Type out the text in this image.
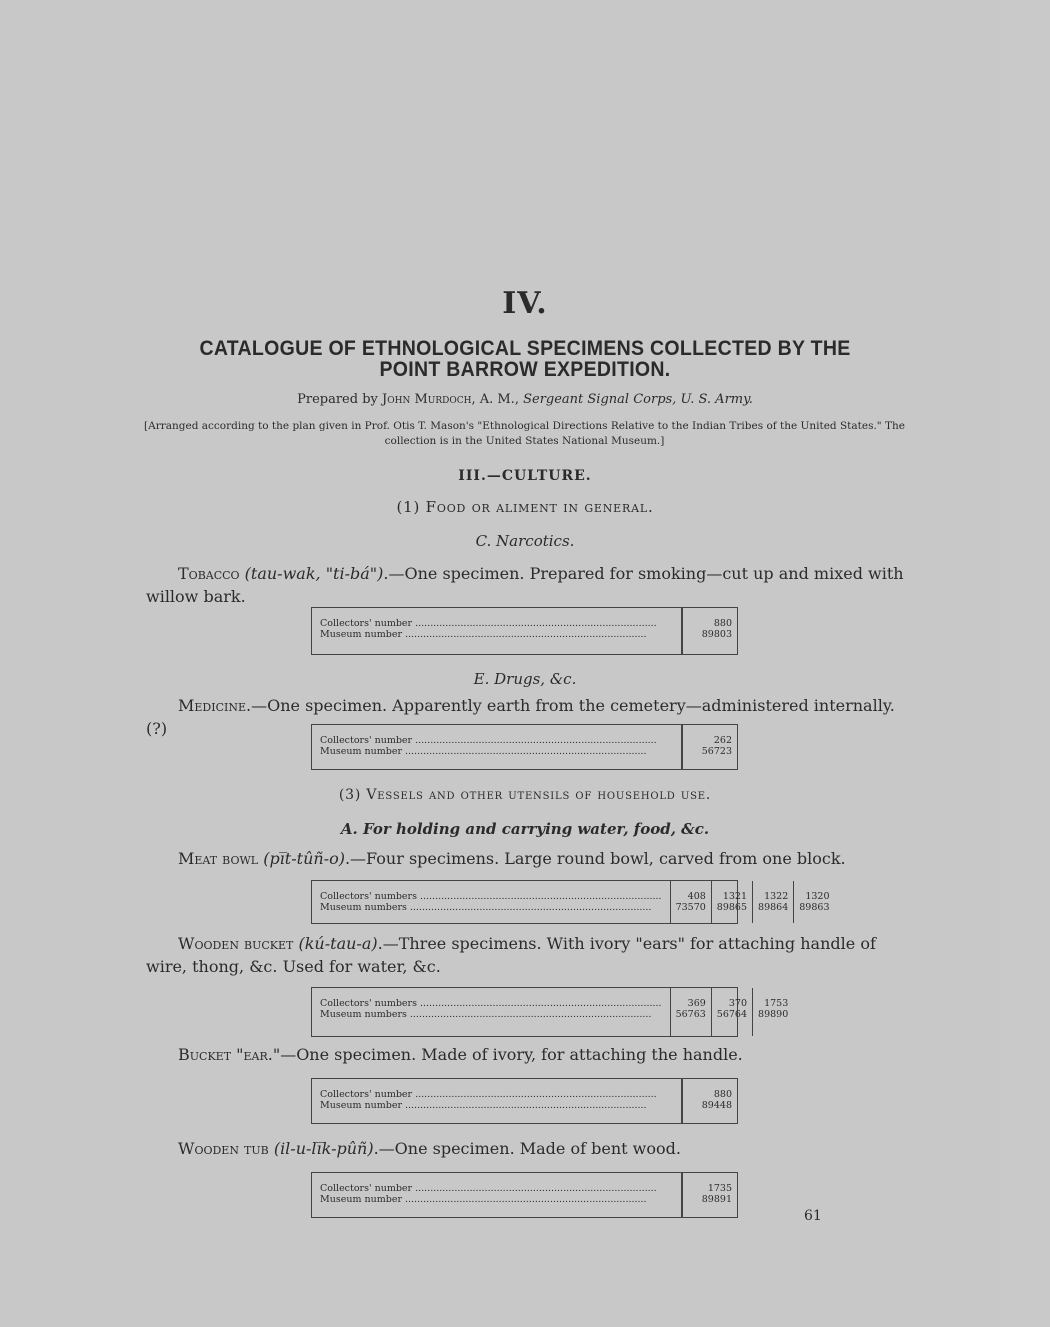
IV.
CATALOGUE OF ETHNOLOGICAL SPECIMENS COLLECTED BY THE POINT BARROW EXPEDITION.
Prepared by John Murdoch, A. M., Sergeant Signal Corps, U. S. Army.
[Arranged according to the plan given in Prof. Otis T. Mason's "Ethnological Directions Relative to the Indian Tribes of the United States." The collection is in the United States National Museum.]
III.—CULTURE.
(1) Food or aliment in general.
C. Narcotics.
Tobacco (tau-wak, "ti-bá").—One specimen. Prepared for smoking—cut up and mixed with willow bark.
Collectors' number ................................................................................
Museum number ................................................................................
880
89803
E. Drugs, &c.
Medicine.—One specimen. Apparently earth from the cemetery—administered internally.(?)
Collectors' number ................................................................................
Museum number ................................................................................
262
56723
(3) Vessels and other utensils of household use.
A. For holding and carrying water, food, &c.
Meat bowl (pi̅t-tûñ-o).—Four specimens. Large round bowl, carved from one block.
Collectors' numbers ................................................................................
Museum numbers ................................................................................
408
73570
1321
89865
1322
89864
1320
89863
Wooden bucket (kú-tau-a).—Three specimens. With ivory "ears" for attaching handle of wire, thong, &c. Used for water, &c.
Collectors' numbers ................................................................................
Museum numbers ................................................................................
369
56763
370
56764
1753
89890
Bucket "ear."—One specimen. Made of ivory, for attaching the handle.
Collectors' number ................................................................................
Museum number ................................................................................
880
89448
Wooden tub (il-u-li̅k-pûñ).—One specimen. Made of bent wood.
Collectors' number ................................................................................
Museum number ................................................................................
1735
89891
61
